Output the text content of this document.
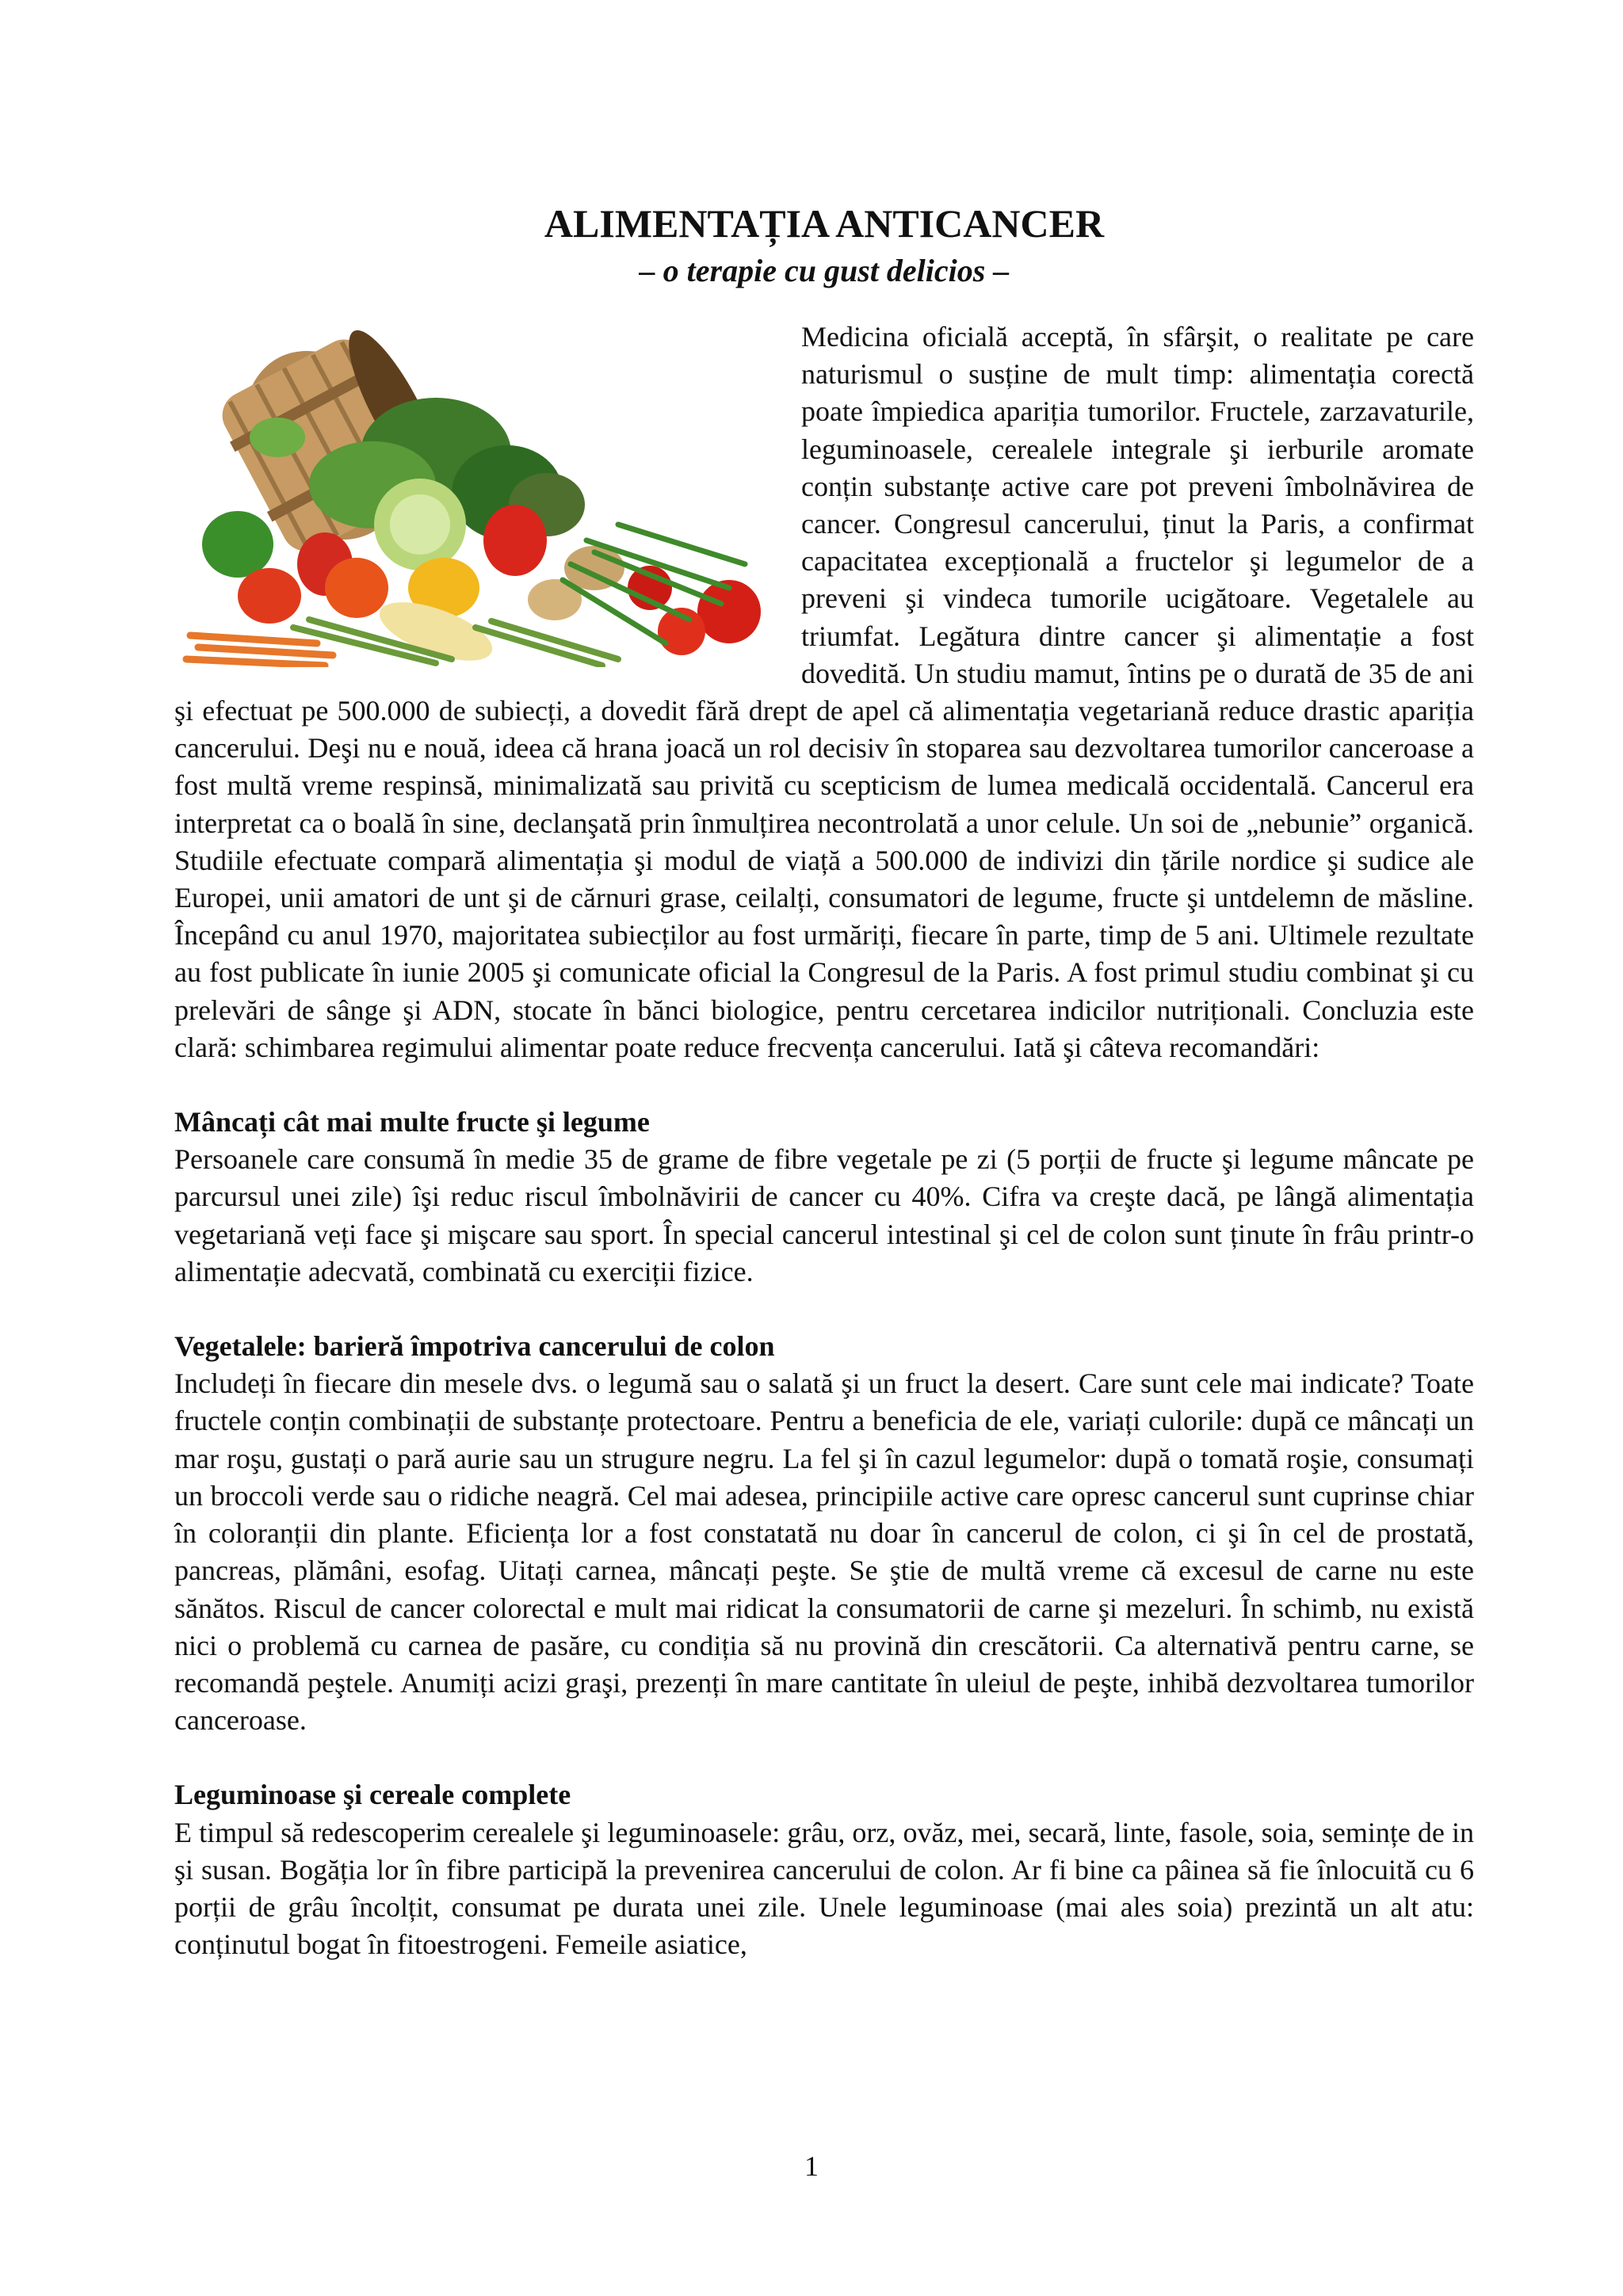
ALIMENTAȚIA ANTICANCER
– o terapie cu gust delicios –

Medicina oficială acceptă, în sfârşit, o realitate pe care naturismul o susține de mult timp: alimentația corectă poate împiedica apariția tumorilor. Fructele, zarzavaturile, leguminoasele, cerealele integrale şi ierburile aromate conțin substanțe active care pot preveni îmbolnăvirea de cancer. Congresul cancerului, ținut la Paris, a confirmat capacitatea excepțională a fructelor şi legumelor de a preveni şi vindeca tumorile ucigătoare. Vegetalele au triumfat. Legătura dintre cancer şi alimentație a fost dovedită. Un studiu mamut, întins pe o durată de 35 de ani şi efectuat pe 500.000 de subiecți, a dovedit fără drept de apel că alimentația vegetariană reduce drastic apariția cancerului. Deşi nu e nouă, ideea că hrana joacă un rol decisiv în stoparea sau dezvoltarea tumorilor canceroase a fost multă vreme respinsă, minimalizată sau privită cu scepticism de lumea medicală occidentală. Cancerul era interpretat ca o boală în sine, declanşată prin înmulțirea necontrolată a unor celule. Un soi de „nebunie” organică. Studiile efectuate compară alimentația şi modul de viață a 500.000 de indivizi din țările nordice şi sudice ale Europei, unii amatori de unt şi de cărnuri grase, ceilalți, consumatori de legume, fructe şi untdelemn de măsline. Începând cu anul 1970, majoritatea subiecților au fost urmăriți, fiecare în parte, timp de 5 ani. Ultimele rezultate au fost publicate în iunie 2005 şi comunicate oficial la Congresul de la Paris. A fost primul studiu combinat şi cu prelevări de sânge şi ADN, stocate în bănci biologice, pentru cercetarea indicilor nutriționali. Concluzia este clară: schimbarea regimului alimentar poate reduce frecvența cancerului. Iată şi câteva recomandări:

Mâncați cât mai multe fructe şi legume

Persoanele care consumă în medie 35 de grame de fibre vegetale pe zi (5 porții de fructe şi legume mâncate pe parcursul unei zile) îşi reduc riscul îmbolnăvirii de cancer cu 40%. Cifra va creşte dacă, pe lângă alimentația vegetariană veți face şi mişcare sau sport. În special cancerul intestinal şi cel de colon sunt ținute în frâu printr-o alimentație adecvată, combinată cu exerciții fizice.

Vegetalele: barieră împotriva cancerului de colon

Includeți în fiecare din mesele dvs. o legumă sau o salată şi un fruct la desert. Care sunt cele mai indicate? Toate fructele conțin combinații de substanțe protectoare. Pentru a beneficia de ele, variați culorile: după ce mâncați un mar roşu, gustați o pară aurie sau un strugure negru. La fel şi în cazul legumelor: după o tomată roşie, consumați un broccoli verde sau o ridiche neagră. Cel mai adesea, principiile active care opresc cancerul sunt cuprinse chiar în coloranții din plante. Eficiența lor a fost constatată nu doar în cancerul de colon, ci şi în cel de prostată, pancreas, plămâni, esofag. Uitați carnea, mâncați peşte. Se ştie de multă vreme că excesul de carne nu este sănătos. Riscul de cancer colorectal e mult mai ridicat la consumatorii de carne şi mezeluri. În schimb, nu există nici o problemă cu carnea de pasăre, cu condiția să nu provină din crescătorii. Ca alternativă pentru carne, se recomandă peştele. Anumiți acizi graşi, prezenți în mare cantitate în uleiul de peşte, inhibă dezvoltarea tumorilor canceroase.

Leguminoase şi cereale complete

E timpul să redescoperim cerealele şi leguminoasele: grâu, orz, ovăz, mei, secară, linte, fasole, soia, semințe de in şi susan. Bogăția lor în fibre participă la prevenirea cancerului de colon. Ar fi bine ca pâinea să fie înlocuită cu 6 porții de grâu încolțit, consumat pe durata unei zile. Unele leguminoase (mai ales soia) prezintă un alt atu: conținutul bogat în fitoestrogeni. Femeile asiatice,

1
